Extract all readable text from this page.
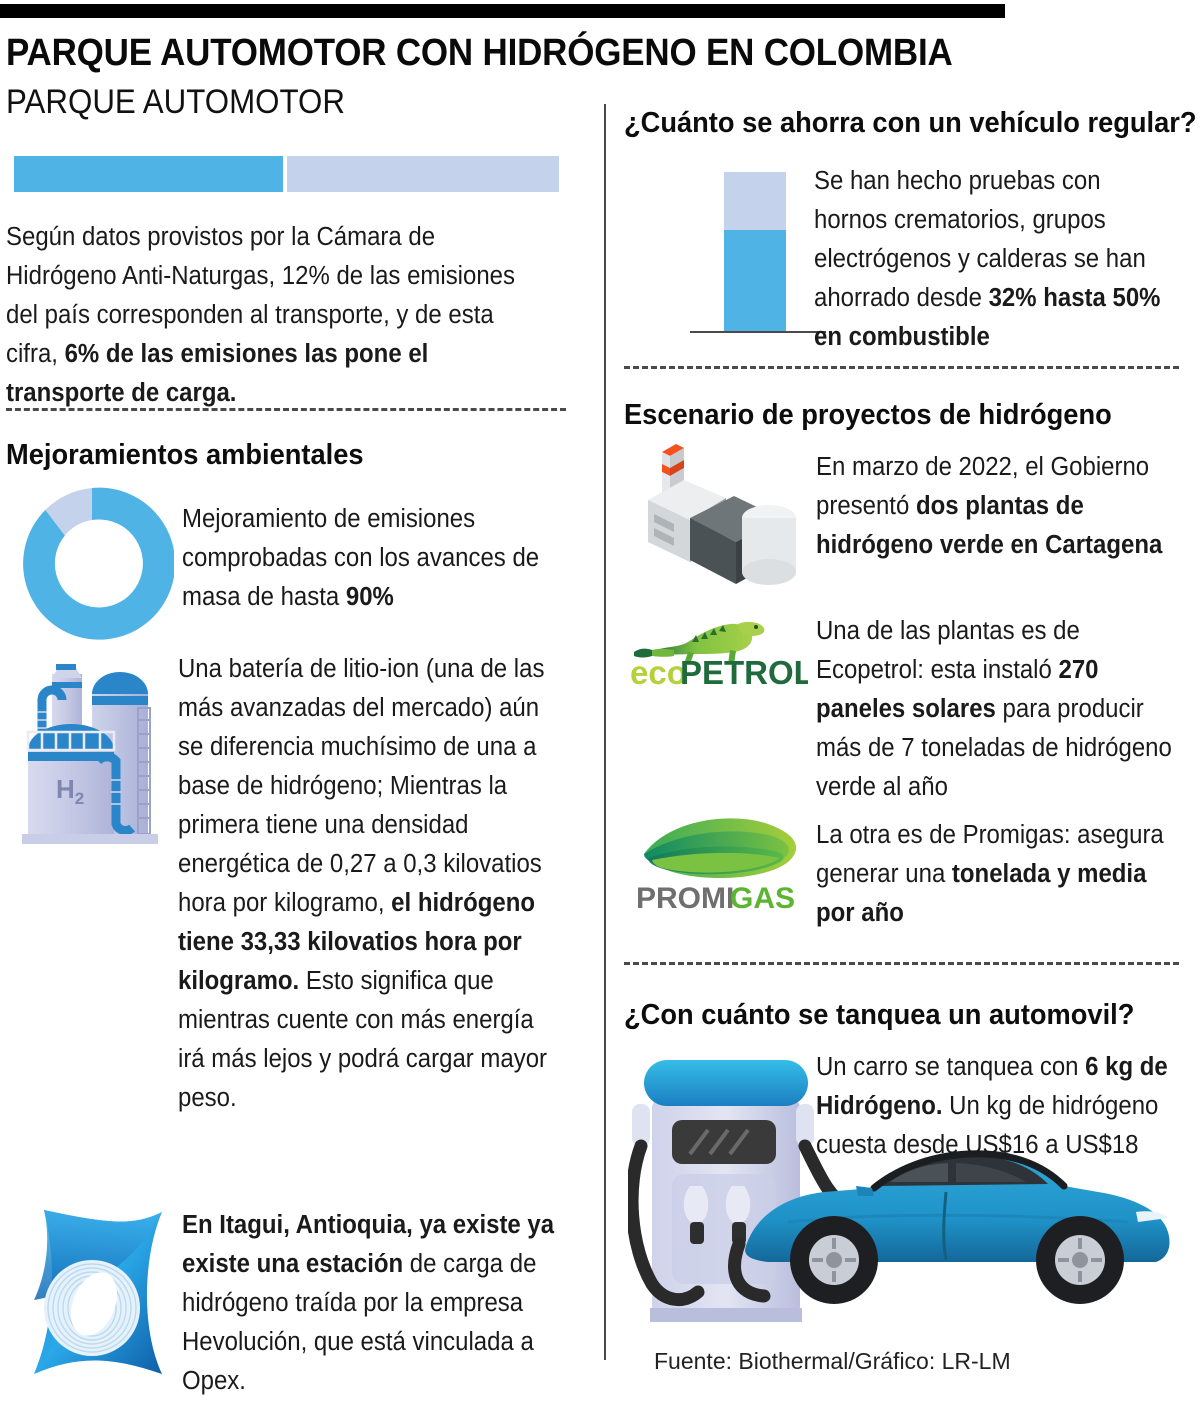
PARQUE AUTOMOTOR CON HIDRÓGENO EN COLOMBIA
PARQUE AUTOMOTOR
Según datos provistos por la Cámara de Hidrógeno Anti-Naturgas, 12% de las emisiones del país corresponden al transporte, y de esta cifra, 6% de las emisiones las pone el transporte de carga.
Mejoramientos ambientales
Mejoramiento de emisiones comprobadas con los avances de masa de hasta 90%
$H_2$
Una batería de litio-ion (una de las más avanzadas del mercado) aún se diferencia muchísimo de una a base de hidrógeno; Mientras la primera tiene una densidad energética de 0,27 a 0,3 kilovatios hora por kilogramo, el hidrógeno tiene 33,33 kilovatios hora por kilogramo. Esto significa que mientras cuente con más energía irá más lejos y podrá cargar mayor peso.
En Itagui, Antioquia, ya existe ya existe una estación de carga de hidrógeno traída por la empresa Hevolución, que está vinculada a Opex.
¿Cuánto se ahorra con un vehículo regular?
Se han hecho pruebas con hornos crematorios, grupos electrógenos y calderas se han ahorrado desde 32% hasta 50% en combustible
Escenario de proyectos de hidrógeno
En marzo de 2022, el Gobierno presentó dos plantas de hidrógeno verde en Cartagena
eco
PETROL
Una de las plantas es de Ecopetrol: esta instaló 270 paneles solares para producir más de 7 toneladas de hidrógeno verde al año
PROMI
GAS
La otra es de Promigas: asegura generar una tonelada y media por año
¿Con cuánto se tanquea un automovil?
Un carro se tanquea con 6 kg de Hidrógeno. Un kg de hidrógeno cuesta desde US$16 a US$18
Fuente: Biothermal/Gráfico: LR-LM
